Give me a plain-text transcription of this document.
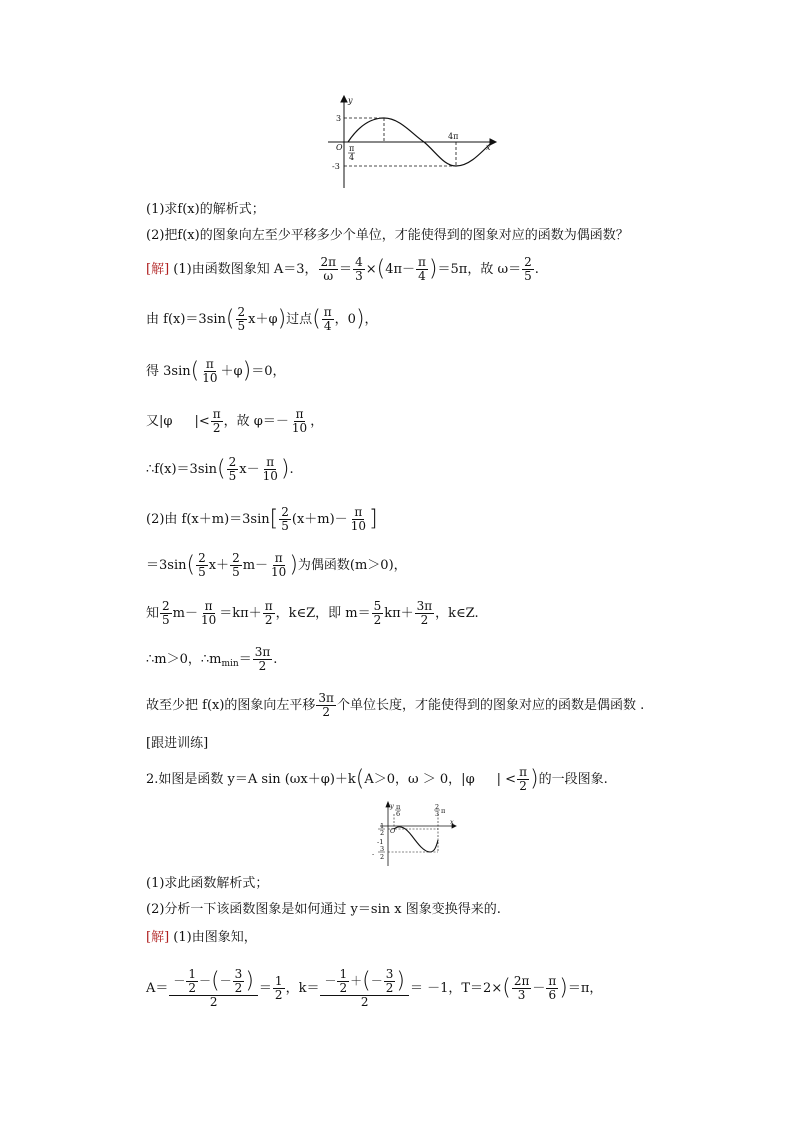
y
x
O
3
-3
π
4
4π
(1)求f(x)的解析式；
(2)把f(x)的图象向左至少平移多少个单位，才能使得到的图象对应的函数为偶函数？
[解] (1)由函数图象知 A＝3， $\frac{2\pi}{\omega} = \frac{4}{3} \times(4\pi- \frac{\pi}{4} )=5\pi$，故 $\omega= \frac{2}{5}$ .
由 $f(x)=3\sin( \frac{2}{5} x+\varphi)$过点( $\frac{\pi}{4}$ ，0)，
得 $3\sin( \frac{\pi}{10} +\varphi)=0$，
又|φ |< $\frac{\pi}{2}$ ，故 $\varphi=- \frac{\pi}{10}$ ，
∴f(x)＝3sin( $\frac{2}{5} x- \frac{\pi}{10}$ ).
(2)由 $f(x+m)=3\sin[ \frac{2}{5} (x+m)- \frac{\pi}{10}$ ]
$=3\sin( \frac{2}{5} x+ \frac{2}{5} m- \frac{\pi}{10}$ )为偶函数(m＞0)，
知 $\frac{2}{5} m- \frac{\pi}{10} =k\pi+ \frac{\pi}{2}$ ，k∈Z，即 $m= \frac{5}{2} k\pi+ \frac{3\pi}{2}$ ，k∈Z.
∴m＞0，$\therefore m_{min}= \frac{3\pi}{2}$ .
故至少把 f(x)的图象向左平移 $\frac{3\pi}{2}$ 个单位长度，才能使得到的图象对应的函数是偶函数 .
[跟进训练]
2.如图是函数 y＝A sin (ωx＋φ)＋k(A＞0，ω ＞ 0，|φ | < $\frac{\pi}{2}$ )的一段图象.
y
x
O
π
6
2
3 π
1
2
-1
-
3
2
(1)求此函数解析式；
(2)分析一下该函数图象是如何通过 y＝sin x 图象变换得来的.
[解] (1)由图象知，
$A= \frac{- \frac{1}{2} -(- \frac{3}{2} )}{2} = \frac{1}{2}$ ，$k= \frac{- \frac{1}{2} +(- \frac{3}{2} )}{2} = -1$，$T=2\times( \frac{2\pi}{3} - \frac{\pi}{6} )=\pi$，
